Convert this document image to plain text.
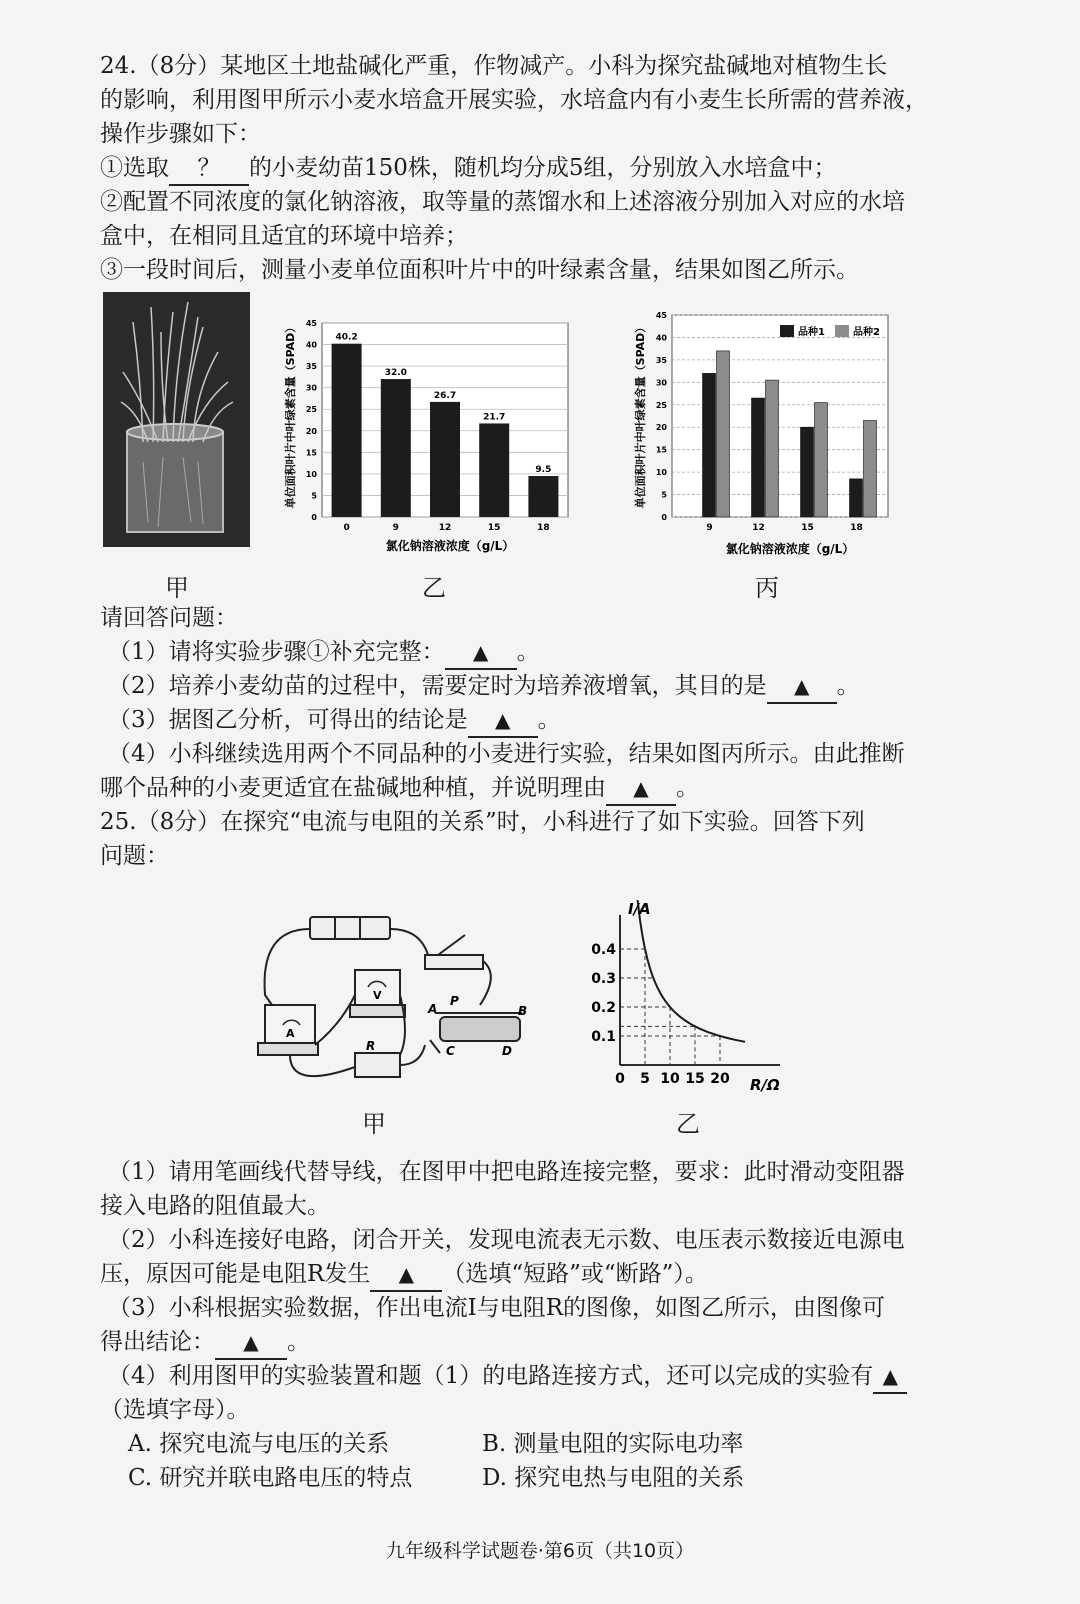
24.（8分）某地区土地盐碱化严重，作物减产。小科为探究盐碱地对植物生长
的影响，利用图甲所示小麦水培盒开展实验，水培盒内有小麦生长所需的营养液，
操作步骤如下：
①选取 ？ 的小麦幼苗150株，随机均分成5组，分别放入水培盒中；
②配置不同浓度的氯化钠溶液，取等量的蒸馏水和上述溶液分别加入对应的水培
盒中，在相同且适宜的环境中培养；
③一段时间后，测量小麦单位面积叶片中的叶绿素含量，结果如图乙所示。
40.2
32.0
26.7
21.7
9.5
0
5
10
15
20
25
30
35
40
45
0	9	12	15	18
单位面积叶片中叶绿素含量（SPAD）
氯化钠溶液浓度（g/L）
0
5
10
15
20
25
30
35
40
45
9	12	15	18
单位面积叶片中叶绿素含量（SPAD）
氯化钠溶液浓度（g/L）
品种1	品种2
甲	乙	丙
请回答问题：
（1）请将实验步骤①补充完整： ▲ 。
（2）培养小麦幼苗的过程中，需要定时为培养液增氧，其目的是 ▲ 。
（3）据图乙分析，可得出的结论是 ▲ 。
（4）小科继续选用两个不同品种的小麦进行实验，结果如图丙所示。由此推断
哪个品种的小麦更适宜在盐碱地种植，并说明理由 ▲ 。
25.（8分）在探究“电流与电阻的关系”时，小科进行了如下实验。回答下列
问题：
A
V
R
A
P
B
C	D
0 5 10 15 20
0.1
0.2
0.3
0.4
I/A
R/Ω
甲	乙
（1）请用笔画线代替导线，在图甲中把电路连接完整，要求：此时滑动变阻器
接入电路的阻值最大。
（2）小科连接好电路，闭合开关，发现电流表无示数、电压表示数接近电源电
压，原因可能是电阻R发生 ▲ （选填“短路”或“断路”）。
（3）小科根据实验数据，作出电流I与电阻R的图像，如图乙所示，由图像可
得出结论： ▲ 。
（4）利用图甲的实验装置和题（1）的电路连接方式，还可以完成的实验有 ▲
（选填字母）。
A. 探究电流与电压的关系	B. 测量电阻的实际电功率
C. 研究并联电路电压的特点	D. 探究电热与电阻的关系
九年级科学试题卷·第6页（共10页）
